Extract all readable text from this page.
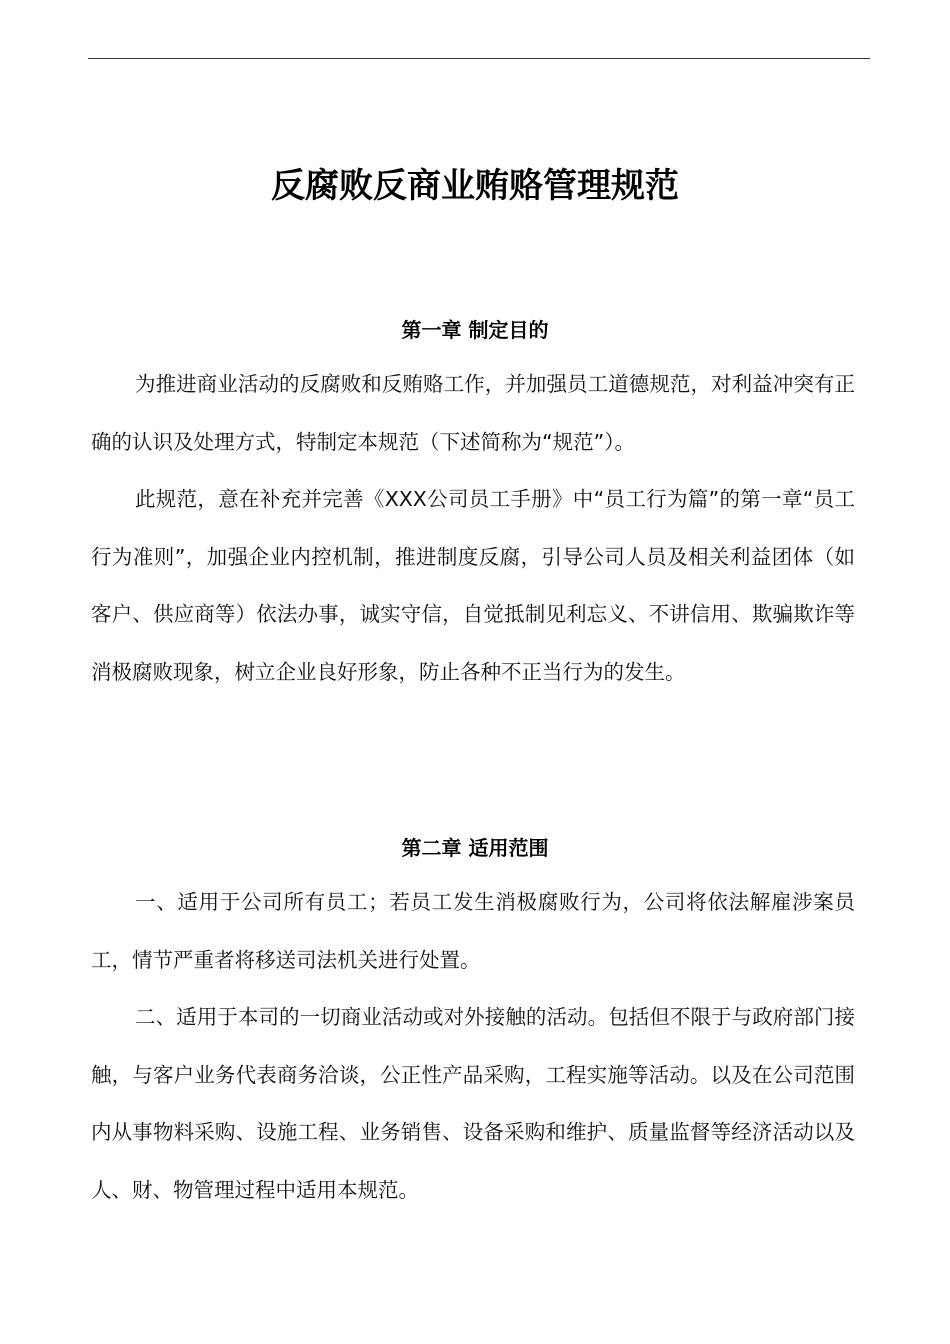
反腐败反商业贿赂管理规范
第一章 制定目的

为推进商业活动的反腐败和反贿赂工作，并加强员工道德规范，对利益冲突有正确的认识及处理方式，特制定本规范（下述简称为“规范”）。

此规范，意在补充并完善《XXX公司员工手册》中“员工行为篇”的第一章“员工行为准则”，加强企业内控机制，推进制度反腐，引导公司人员及相关利益团体（如客户、供应商等）依法办事，诚实守信，自觉抵制见利忘义、不讲信用、欺骗欺诈等消极腐败现象，树立企业良好形象，防止各种不正当行为的发生。

第二章 适用范围

一、适用于公司所有员工；若员工发生消极腐败行为，公司将依法解雇涉案员工，情节严重者将移送司法机关进行处置。

二、适用于本司的一切商业活动或对外接触的活动。包括但不限于与政府部门接触，与客户业务代表商务洽谈，公正性产品采购，工程实施等活动。以及在公司范围内从事物料采购、设施工程、业务销售、设备采购和维护、质量监督等经济活动以及人、财、物管理过程中适用本规范。
